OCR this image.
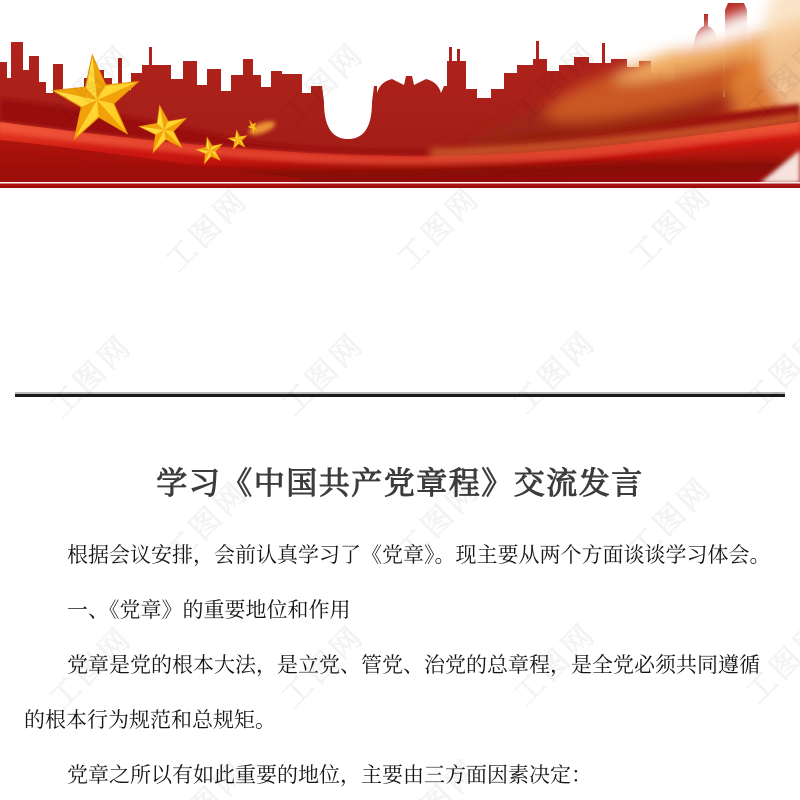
学习《中国共产党章程》交流发言
根据会议安排，会前认真学习了《党章》。现主要从两个方面谈谈学习体会。
一、《党章》的重要地位和作用
党章是党的根本大法，是立党、管党、治党的总章程，是全党必须共同遵循
的根本行为规范和总规矩。
党章之所以有如此重要的地位，主要由三方面因素决定：
